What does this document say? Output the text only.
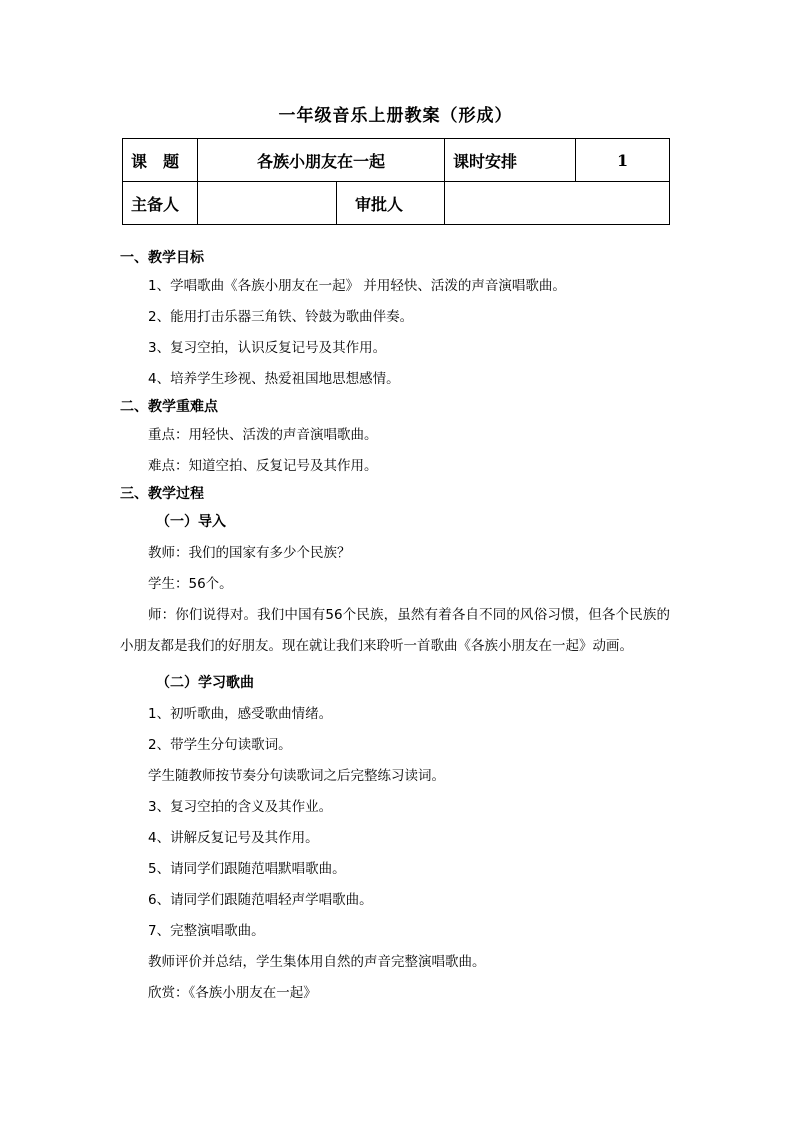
一年级音乐上册教案（形成）
课　题	各族小朋友在一起		课时安排	1
主备人		审批人		
一、教学目标
1、学唱歌曲《各族小朋友在一起》 并用轻快、活泼的声音演唱歌曲。
2、能用打击乐器三角铁、铃鼓为歌曲伴奏。
3、复习空拍，认识反复记号及其作用。
4、培养学生珍视、热爱祖国地思想感情。
二、教学重难点
重点：用轻快、活泼的声音演唱歌曲。
难点：知道空拍、反复记号及其作用。
三、教学过程
（一）导入
教师：我们的国家有多少个民族？
学生：56个。
师：你们说得对。我们中国有56个民族，虽然有着各自不同的风俗习惯，但各个民族的小朋友都是我们的好朋友。现在就让我们来聆听一首歌曲《各族小朋友在一起》动画。
（二）学习歌曲
1、初听歌曲，感受歌曲情绪。
2、带学生分句读歌词。
学生随教师按节奏分句读歌词之后完整练习读词。
3、复习空拍的含义及其作业。
4、讲解反复记号及其作用。
5、请同学们跟随范唱默唱歌曲。
6、请同学们跟随范唱轻声学唱歌曲。
7、完整演唱歌曲。
教师评价并总结，学生集体用自然的声音完整演唱歌曲。
欣赏：《各族小朋友在一起》
